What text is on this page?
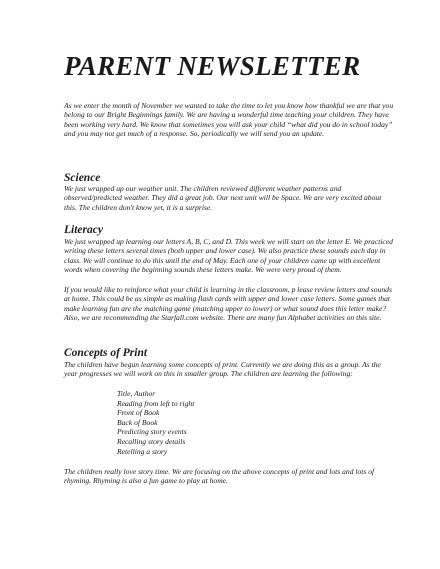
PARENT NEWSLETTER

As we enter the month of November we wanted to take the time to let you know how thankful we are that you belong to our Bright Beginnings family. We are having a wonderful time teaching your children. They have been working very hard. We know that sometimes you will ask your child “what did you do in school today” and you may not get much of a response. So, periodically we will send you an update.

Science

We just wrapped up our weather unit. The children reviewed different weather patterns and observed/predicted weather. They did a great job. Our next unit will be Space. We are very excited about this. The children don't know yet, it is a surprise.

Literacy

We just wrapped up learning our letters A, B, C, and D. This week we will start on the letter E. We practiced writing these letters several times (both upper and lower case). We also practice these sounds each day in class. We will continue to do this until the end of May. Each one of your children came up with excellent words when covering the beginning sounds these letters make. We were very proud of them.

If you would like to reinforce what your child is learning in the classroom, p lease review letters and sounds at home. This could be as simple as making flash cards with upper and lower case letters. Some games that make learning fun are the matching game (matching upper to lower) or what sound does this letter make? Also, we are recommending the Starfall.com website. There are many fun Alphabet activities on this site.

Concepts of Print

The children have begun learning some concepts of print. Currently we are doing this as a group. As the year progresses we will work on this in smaller group. The children are learning the following:

Title, Author
Reading from left to right
Front of Book
Back of Book
Predicting story events
Recalling story details
Retelling a story

The children really love story time. We are focusing on the above concepts of print and lots and lots of rhyming. Rhyming is also a fun game to play at home.
